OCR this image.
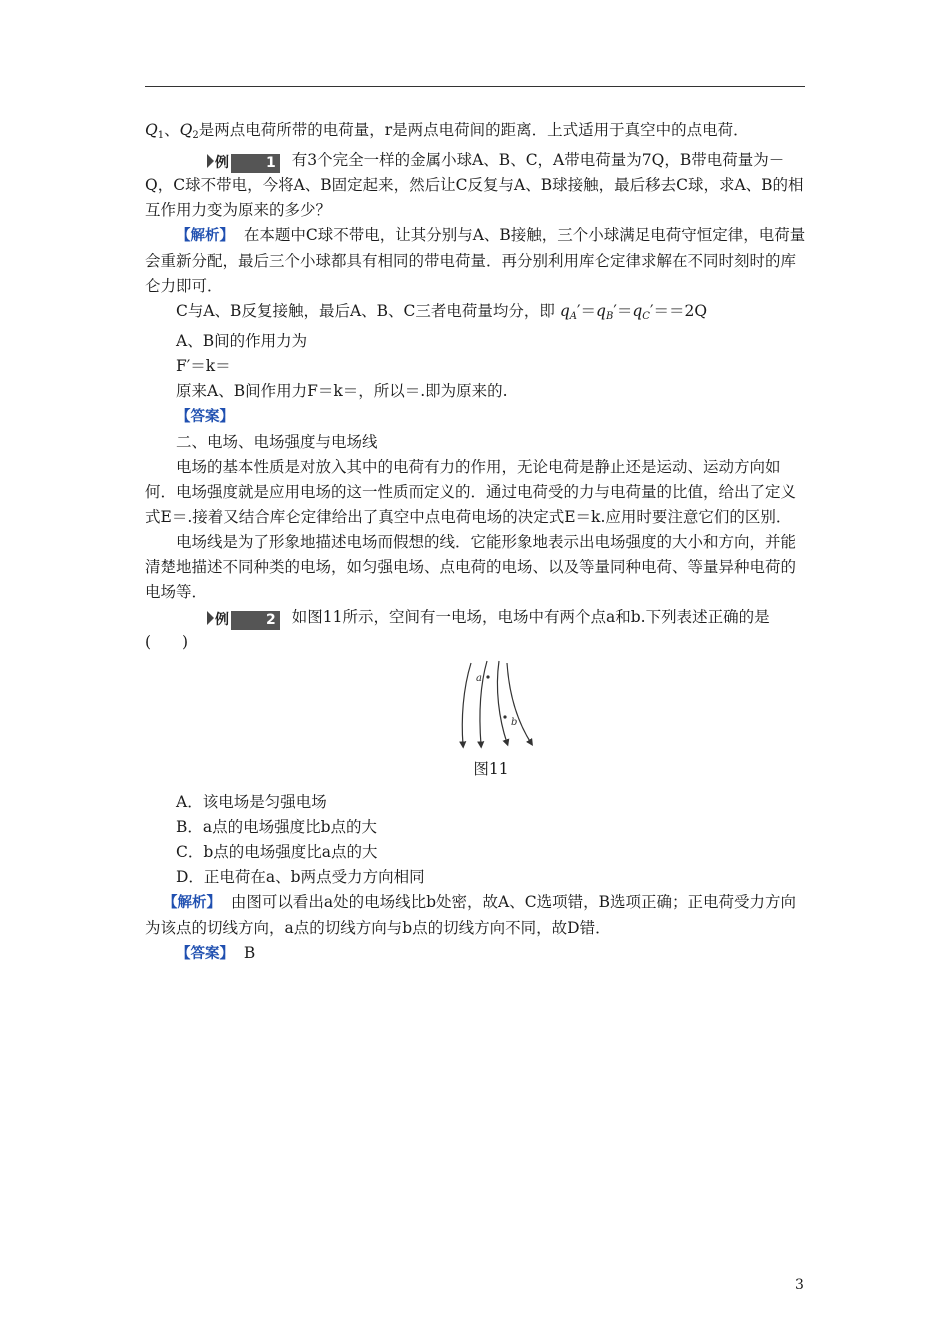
$Q_1$、$Q_2$是两点电荷所带的电荷量，r是两点电荷间的距离．上式适用于真空中的点电荷．

例	1 有3个完全一样的金属小球A、B、C，A带电荷量为7Q，B带电荷量为－Q，C球不带电，今将A、B固定起来，然后让C反复与A、B球接触，最后移去C球，求A、B的相互作用力变为原来的多少？

【解析】 在本题中C球不带电，让其分别与A、B接触，三个小球满足电荷守恒定律，电荷量会重新分配，最后三个小球都具有相同的带电荷量．再分别利用库仑定律求解在不同时刻时的库仑力即可．

C与A、B反复接触，最后A、B、C三者电荷量均分，即 $q_A'=q_B'=q_C'==2Q$

A、B间的作用力为

F′＝k＝

原来A、B间作用力F＝k＝，所以＝.即为原来的.

【答案】

二、电场、电场强度与电场线

电场的基本性质是对放入其中的电荷有力的作用，无论电荷是静止还是运动、运动方向如何．电场强度就是应用电场的这一性质而定义的．通过电荷受的力与电荷量的比值，给出了定义式E＝.接着又结合库仑定律给出了真空中点电荷电场的决定式E＝k.应用时要注意它们的区别．

电场线是为了形象地描述电场而假想的线．它能形象地表示出电场强度的大小和方向，并能清楚地描述不同种类的电场，如匀强电场、点电荷的电场、以及等量同种电荷、等量异种电荷的电场等．

例	2 如图11所示，空间有一电场，电场中有两个点a和b.下列表述正确的是(　　)

a
b
图11

A．该电场是匀强电场

B．a点的电场强度比b点的大

C．b点的电场强度比a点的大

D．正电荷在a、b两点受力方向相同

【解析】 由图可以看出a处的电场线比b处密，故A、C选项错，B选项正确；正电荷受力方向为该点的切线方向，a点的切线方向与b点的切线方向不同，故D错．

【答案】 B

3
